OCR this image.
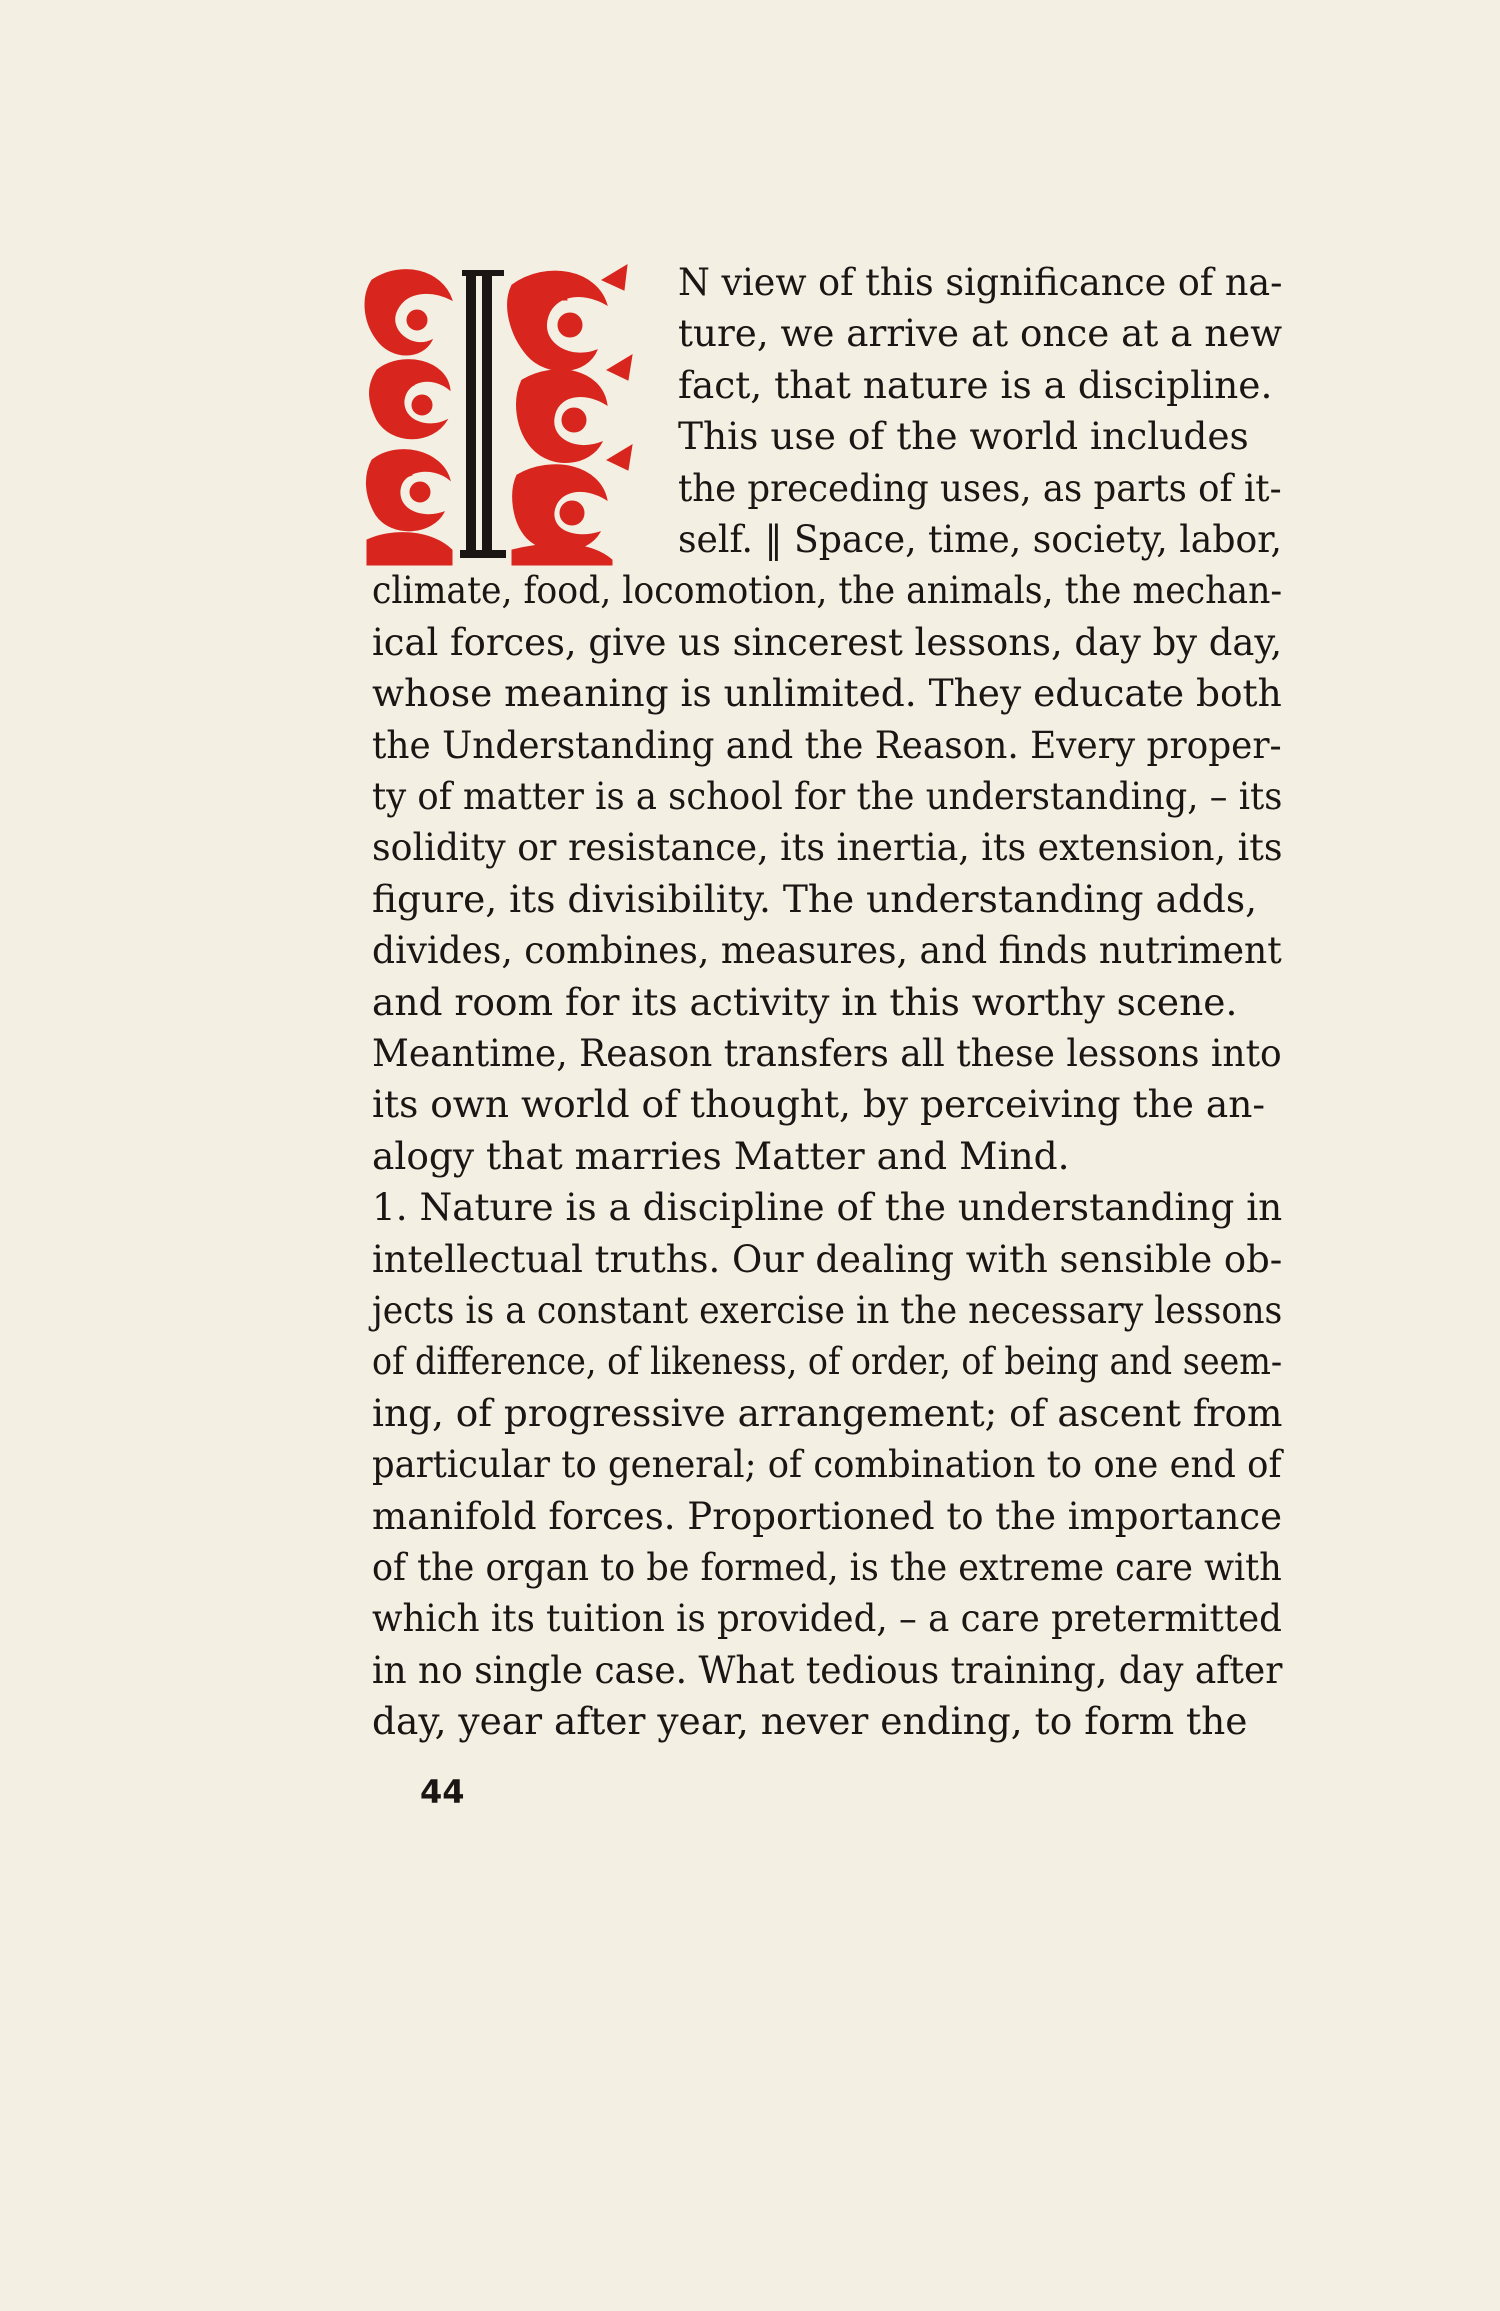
I	N view of this significance of na-
ture, we arrive at once at a new
fact, that nature is a discipline.
This use of the world includes
the preceding uses, as parts of it-
self. ‖ Space, time, society, labor,
climate, food, locomotion, the animals, the mechan-
ical forces, give us sincerest lessons, day by day,
whose meaning is unlimited. They educate both
the Understanding and the Reason. Every proper-
ty of matter is a school for the understanding, – its
solidity or resistance, its inertia, its extension, its
figure, its divisibility. The understanding adds,
divides, combines, measures, and finds nutriment
and room for its activity in this worthy scene.
Meantime, Reason transfers all these lessons into
its own world of thought, by perceiving the an-
alogy that marries Matter and Mind.
1. Nature is a discipline of the understanding in
intellectual truths. Our dealing with sensible ob-
jects is a constant exercise in the necessary lessons
of difference, of likeness, of order, of being and seem-
ing, of progressive arrangement; of ascent from
particular to general; of combination to one end of
manifold forces. Proportioned to the importance
of the organ to be formed, is the extreme care with
which its tuition is provided, – a care pretermitted
in no single case. What tedious training, day after
day, year after year, never ending, to form the
44
